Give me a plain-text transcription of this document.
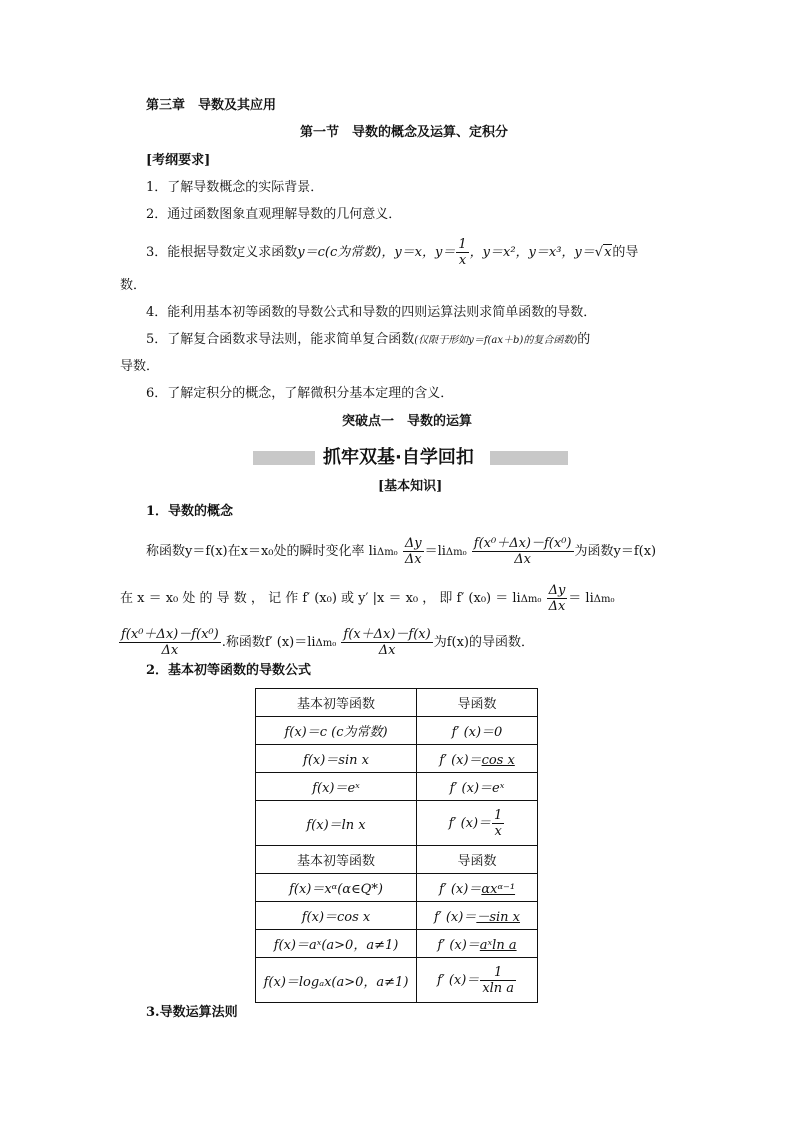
第三章　导数及其应用
第一节　导数的概念及运算、定积分
[考纲要求]
1．了解导数概念的实际背景．
2．通过函数图象直观理解导数的几何意义．
3．能根据导数定义求函数y＝c(c为常数)，y＝x，$y= \frac{1}{x}$ ，y＝x²，y＝x³，y＝√x的导
数．
4．能利用基本初等函数的导数公式和导数的四则运算法则求简单函数的导数．
5．了解复合函数求导法则，能求简单复合函数(仅限于形如y＝f(ax＋b)的复合函数)的
导数．
6．了解定积分的概念，了解微积分基本定理的含义．
突破点一　导数的运算
抓牢双基·自学回扣
[基本知识]
1．导数的概念
称函数y＝f(x)在x＝x₀处的瞬时变化率 $li\Delta m_0 \frac{\Delta y}{\Delta x} =li\Delta m_0 \frac{\text{f(x⁰＋Δx)－f(x⁰)}}{\Delta x}$ 为函数y＝f(x)
在 x ＝ x₀ 处 的 导 数 ， 记 作 f′ (x₀) 或 y′ |x ＝ x₀ ， 即 f′ $(x_0) = li\Delta m_0 \frac{\Delta y}{\Delta x} = li\Delta m_0$
$\frac{\text{f(x⁰＋Δx)－f(x⁰)}}{\Delta x}$ .称函数f′ $(x)=li\Delta m_0 \frac{f(x+\Delta x)-f(x)}{\Delta x}$ 为f(x)的导函数．
2．基本初等函数的导数公式
基本初等函数	导函数
f(x)＝c (c为常数)	f′ (x)＝0
f(x)＝sin x	f′ (x)＝cos x
f(x)＝eˣ	f′ (x)＝eˣ
f(x)＝ln x	f′ $(x)= \frac{1}{x}$

基本初等函数	导函数
f(x)＝xᵅ(α∈Q*)	f′ (x)＝αxᵅ⁻¹
f(x)＝cos x	f′ (x)＝－sin x
f(x)＝aˣ(a>0，a≠1)	f′ (x)＝aˣln a
f(x)＝logₐx(a>0，a≠1)	f′ $(x)= \frac{1}{\text{xln a}}$
3.导数运算法则
